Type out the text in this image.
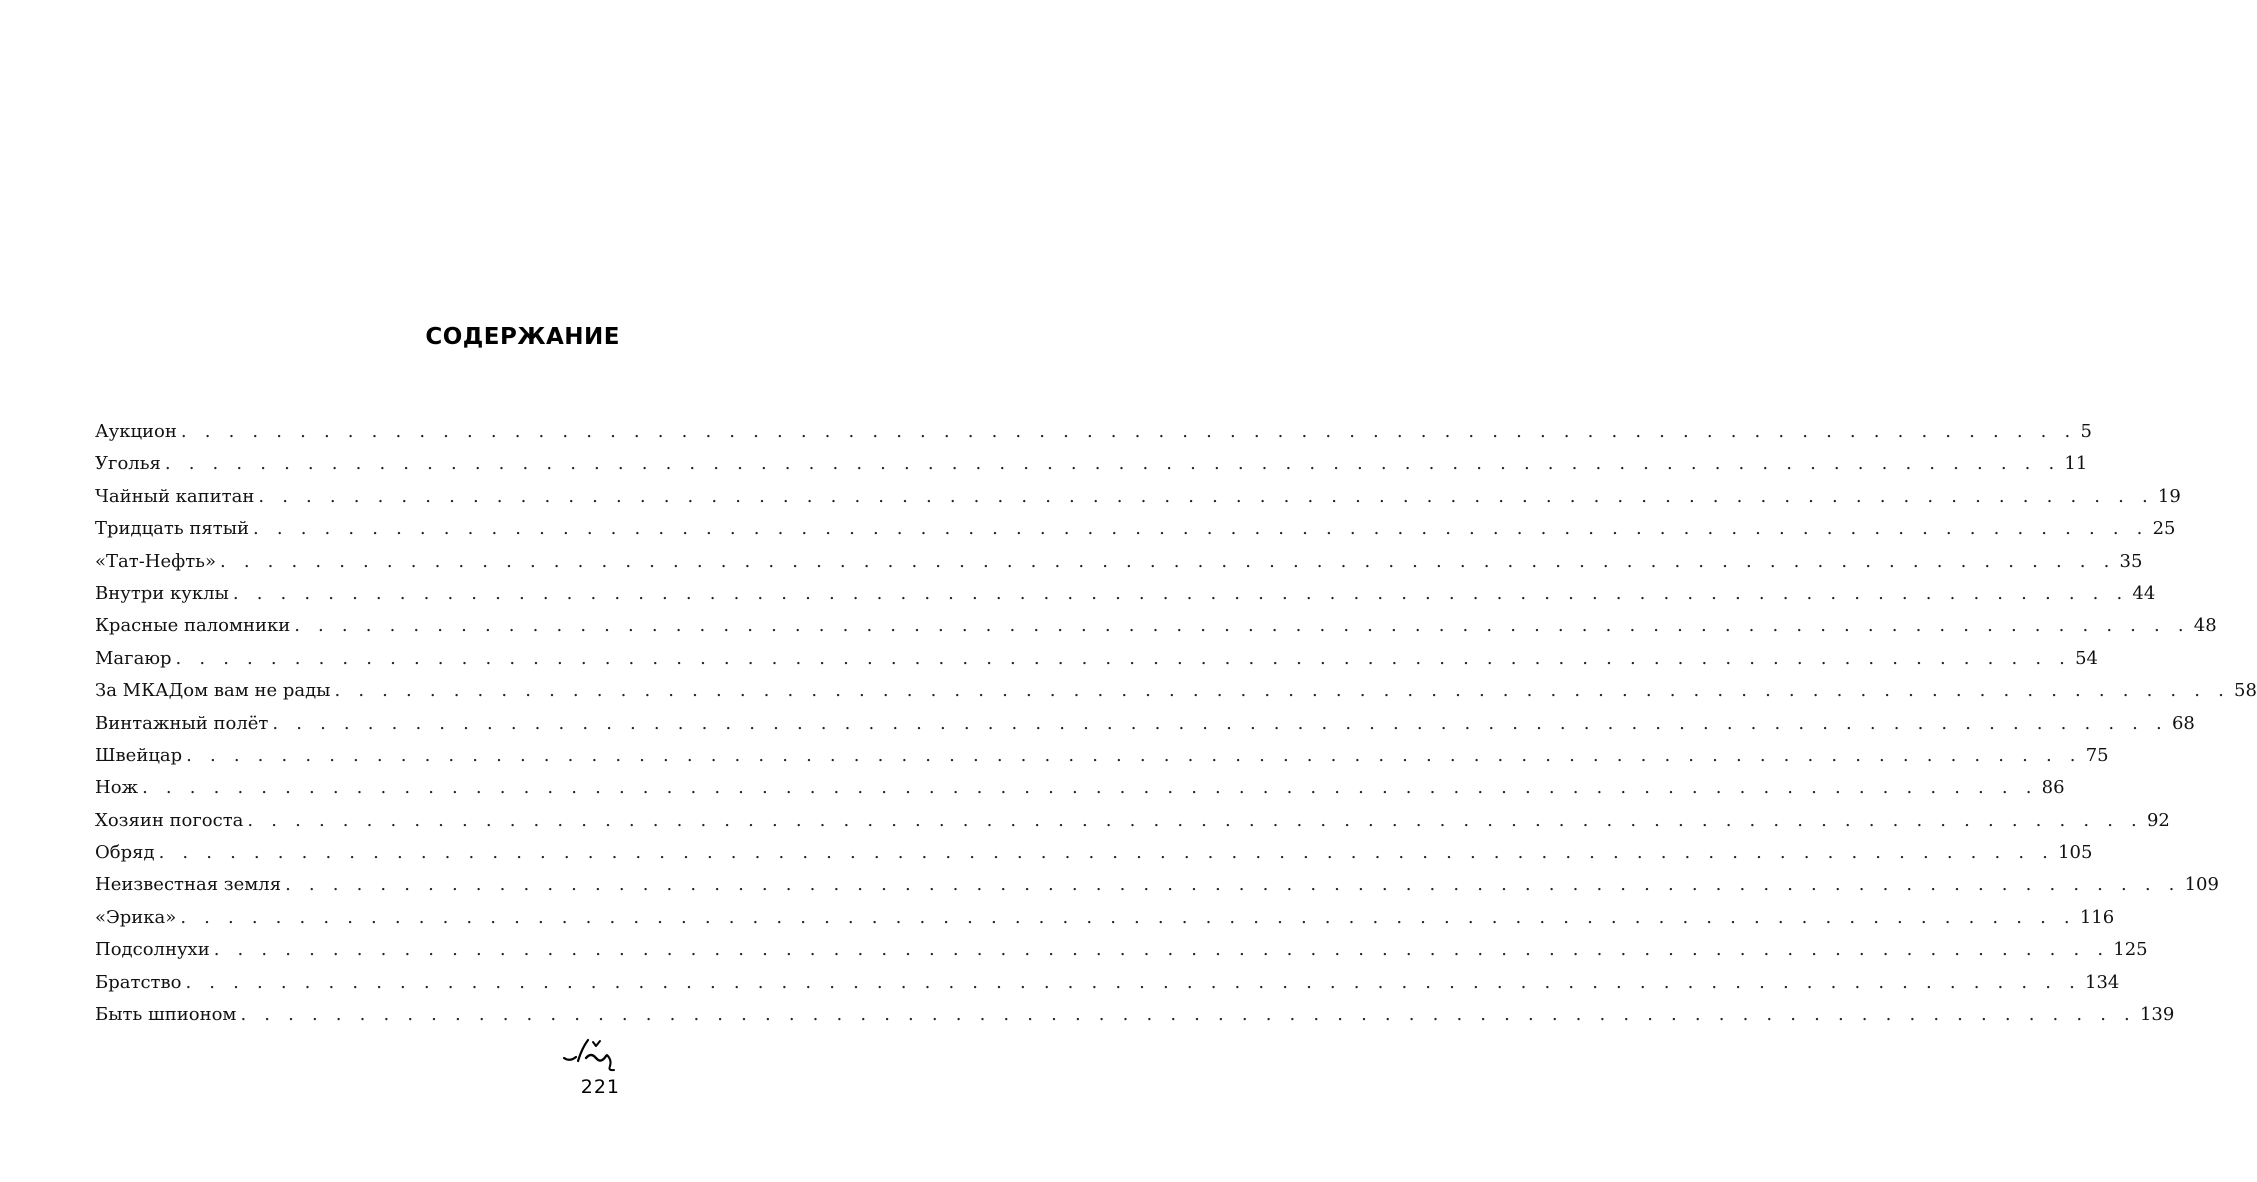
СОДЕРЖАНИЕ
Аукцион . . . . . . . . . . . . . . . . . . . . . . . . . . . . . . . . . . . . . . . . . . . . . . . . . . . . . . . . . . . . . . . . . . . . . . . . . . . . . . . . 5
Уголья . . . . . . . . . . . . . . . . . . . . . . . . . . . . . . . . . . . . . . . . . . . . . . . . . . . . . . . . . . . . . . . . . . . . . . . . . . . . . . . . 11
Чайный капитан . . . . . . . . . . . . . . . . . . . . . . . . . . . . . . . . . . . . . . . . . . . . . . . . . . . . . . . . . . . . . . . . . . . . . . . . . . . . . . . . 19
Тридцать пятый . . . . . . . . . . . . . . . . . . . . . . . . . . . . . . . . . . . . . . . . . . . . . . . . . . . . . . . . . . . . . . . . . . . . . . . . . . . . . . . . 25
«Тат-Нефть» . . . . . . . . . . . . . . . . . . . . . . . . . . . . . . . . . . . . . . . . . . . . . . . . . . . . . . . . . . . . . . . . . . . . . . . . . . . . . . . . 35
Внутри куклы . . . . . . . . . . . . . . . . . . . . . . . . . . . . . . . . . . . . . . . . . . . . . . . . . . . . . . . . . . . . . . . . . . . . . . . . . . . . . . . . 44
Красные паломники . . . . . . . . . . . . . . . . . . . . . . . . . . . . . . . . . . . . . . . . . . . . . . . . . . . . . . . . . . . . . . . . . . . . . . . . . . . . . . . . 48
Магаюр . . . . . . . . . . . . . . . . . . . . . . . . . . . . . . . . . . . . . . . . . . . . . . . . . . . . . . . . . . . . . . . . . . . . . . . . . . . . . . . . 54
За МКАДом вам не рады . . . . . . . . . . . . . . . . . . . . . . . . . . . . . . . . . . . . . . . . . . . . . . . . . . . . . . . . . . . . . . . . . . . . . . . . . . . . . . . . 58
Винтажный полёт . . . . . . . . . . . . . . . . . . . . . . . . . . . . . . . . . . . . . . . . . . . . . . . . . . . . . . . . . . . . . . . . . . . . . . . . . . . . . . . . 68
Швейцар . . . . . . . . . . . . . . . . . . . . . . . . . . . . . . . . . . . . . . . . . . . . . . . . . . . . . . . . . . . . . . . . . . . . . . . . . . . . . . . . 75
Нож . . . . . . . . . . . . . . . . . . . . . . . . . . . . . . . . . . . . . . . . . . . . . . . . . . . . . . . . . . . . . . . . . . . . . . . . . . . . . . . . 86
Хозяин погоста . . . . . . . . . . . . . . . . . . . . . . . . . . . . . . . . . . . . . . . . . . . . . . . . . . . . . . . . . . . . . . . . . . . . . . . . . . . . . . . . 92
Обряд . . . . . . . . . . . . . . . . . . . . . . . . . . . . . . . . . . . . . . . . . . . . . . . . . . . . . . . . . . . . . . . . . . . . . . . . . . . . . . . . 105
Неизвестная земля . . . . . . . . . . . . . . . . . . . . . . . . . . . . . . . . . . . . . . . . . . . . . . . . . . . . . . . . . . . . . . . . . . . . . . . . . . . . . . . . 109
«Эрика» . . . . . . . . . . . . . . . . . . . . . . . . . . . . . . . . . . . . . . . . . . . . . . . . . . . . . . . . . . . . . . . . . . . . . . . . . . . . . . . . 116
Подсолнухи . . . . . . . . . . . . . . . . . . . . . . . . . . . . . . . . . . . . . . . . . . . . . . . . . . . . . . . . . . . . . . . . . . . . . . . . . . . . . . . . 125
Братство . . . . . . . . . . . . . . . . . . . . . . . . . . . . . . . . . . . . . . . . . . . . . . . . . . . . . . . . . . . . . . . . . . . . . . . . . . . . . . . . 134
Быть шпионом . . . . . . . . . . . . . . . . . . . . . . . . . . . . . . . . . . . . . . . . . . . . . . . . . . . . . . . . . . . . . . . . . . . . . . . . . . . . . . . . 139
221
